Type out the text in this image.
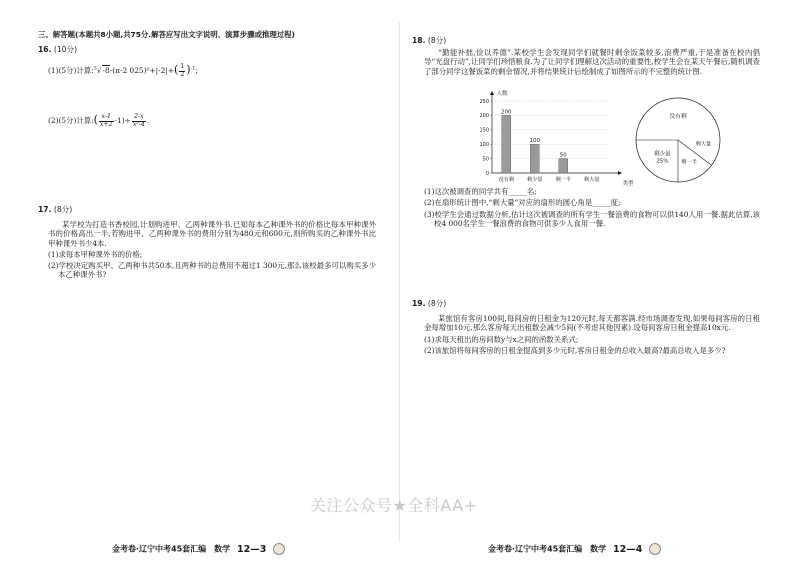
三、解答题(本题共8小题,共75分.解答应写出文字说明、演算步骤或推理过程)
16. (10分)
(1)(5分)计算:$^3$√-8-(π-2 $025)^0+|-2|+( \frac{1}{2} )^{-1}$;
(2)(5分)计算:( $\frac{x-1}{x+2} -1)\div \frac{2-x}{\text{x²-4}}$ .
17. (8分)

某学校为打造书香校园,计划购进甲、乙两种课外书.已知每本乙种课外书的价格比每本甲种课外书的价格高出一半,若购进甲、乙两种课外书的费用分别为480元和600元,则所购买的乙种课外书比甲种课外书少4本.

(1)求每本甲种课外书的价格;

(2)学校决定购买甲、乙两种书共50本,且两种书的总费用不超过1 300元,那么该校最多可以购买多少本乙种课外书?

金考卷·辽宁中考45套汇编　数学 12—3
18. (8分)

“勤能补拙,俭以养德”.某校学生会发现同学们就餐时剩余饭菜较多,浪费严重,于是准备在校内倡导“光盘行动”,让同学们珍惜粮食.为了让同学们理解这次活动的重要性,校学生会在某天午餐后,随机调查了部分同学这餐饭菜的剩余情况,并将结果统计后绘制成了如图所示的不完整的统计图.

人数
类型
0
50
100
150
200
250
200
没有剩
100
剩少量
50
剩一半 剩大量
没有剩
剩少量
25%
剩大量
剩一半

(1)这次被调查的同学共有_____名;

(2)在扇形统计图中,“剩大量”对应的扇形的圆心角是_____度;

(3)校学生会通过数据分析,估计这次被调查的所有学生一餐浪费的食物可以供140人用一餐.据此估算,该校4 000名学生一餐浪费的食物可供多少人食用一餐.

19. (8分)

某旅馆有客房100间,每间房的日租金为120元时,每天都客满.经市场调查发现,如果每间客房的日租金每增加10元,那么客房每天出租数会减少5间(不考虑其他因素).设每间客房日租金提高10x元.

(1)求每天租出的房间数y与x之间的函数关系式;

(2)该旅馆将每间客房的日租金提高到多少元时,客房日租金的总收入最高?最高总收入是多少?

金考卷·辽宁中考45套汇编　数学 12—4
关注公众号★全科AA+
